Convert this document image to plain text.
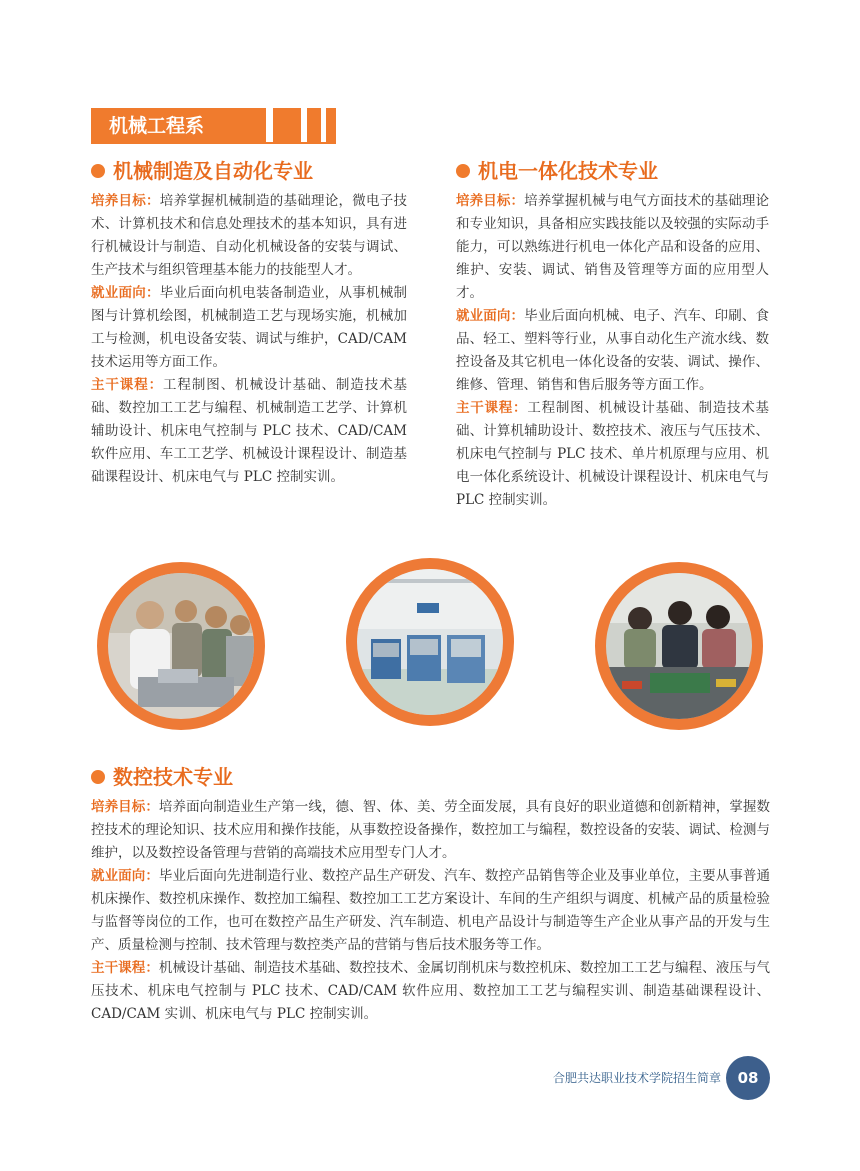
机械工程系
机械制造及自动化专业

培养目标：培养掌握机械制造的基础理论，微电子技术、计算机技术和信息处理技术的基本知识，具有进行机械设计与制造、自动化机械设备的安装与调试、生产技术与组织管理基本能力的技能型人才。

就业面向：毕业后面向机电装备制造业，从事机械制图与计算机绘图，机械制造工艺与现场实施，机械加工与检测，机电设备安装、调试与维护，CAD/CAM 技术运用等方面工作。

主干课程：工程制图、机械设计基础、制造技术基础、数控加工工艺与编程、机械制造工艺学、计算机辅助设计、机床电气控制与 PLC 技术、CAD/CAM 软件应用、车工工艺学、机械设计课程设计、制造基础课程设计、机床电气与 PLC 控制实训。

机电一体化技术专业

培养目标：培养掌握机械与电气方面技术的基础理论和专业知识，具备相应实践技能以及较强的实际动手能力，可以熟练进行机电一体化产品和设备的应用、维护、安装、调试、销售及管理等方面的应用型人才。

就业面向：毕业后面向机械、电子、汽车、印刷、食品、轻工、塑料等行业，从事自动化生产流水线、数控设备及其它机电一体化设备的安装、调试、操作、维修、管理、销售和售后服务等方面工作。

主干课程：工程制图、机械设计基础、制造技术基础、计算机辅助设计、数控技术、液压与气压技术、机床电气控制与 PLC 技术、单片机原理与应用、机电一体化系统设计、机械设计课程设计、机床电气与 PLC 控制实训。

数控技术专业

培养目标：培养面向制造业生产第一线，德、智、体、美、劳全面发展，具有良好的职业道德和创新精神，掌握数控技术的理论知识、技术应用和操作技能，从事数控设备操作，数控加工与编程，数控设备的安装、调试、检测与维护，以及数控设备管理与营销的高端技术应用型专门人才。

就业面向：毕业后面向先进制造行业、数控产品生产研发、汽车、数控产品销售等企业及事业单位，主要从事普通机床操作、数控机床操作、数控加工编程、数控加工工艺方案设计、车间的生产组织与调度、机械产品的质量检验与监督等岗位的工作，也可在数控产品生产研发、汽车制造、机电产品设计与制造等生产企业从事产品的开发与生产、质量检测与控制、技术管理与数控类产品的营销与售后技术服务等工作。

主干课程：机械设计基础、制造技术基础、数控技术、金属切削机床与数控机床、数控加工工艺与编程、液压与气压技术、机床电气控制与 PLC 技术、CAD/CAM 软件应用、数控加工工艺与编程实训、制造基础课程设计、CAD/CAM 实训、机床电气与 PLC 控制实训。

合肥共达职业技术学院招生简章	08
